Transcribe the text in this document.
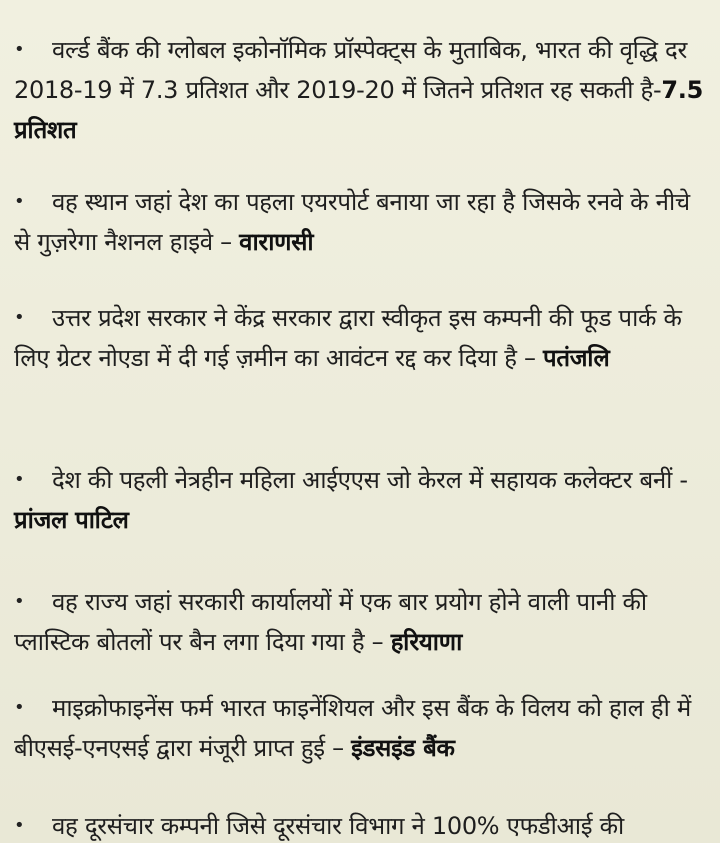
• वर्ल्ड बैंक की ग्लोबल इकोनॉमिक प्रॉस्पेक्ट्स के मुताबिक, भारत की वृद्धि दर 2018-19 में 7.3 प्रतिशत और 2019-20 में जितने प्रतिशत रह सकती है-7.5 प्रतिशत
• वह स्थान जहां देश का पहला एयरपोर्ट बनाया जा रहा है जिसके रनवे के नीचे से गुज़रेगा नैशनल हाइवे – वाराणसी
• उत्तर प्रदेश सरकार ने केंद्र सरकार द्वारा स्वीकृत इस कम्पनी की फूड पार्क के लिए ग्रेटर नोएडा में दी गई ज़मीन का आवंटन रद्द कर दिया है – पतंजलि
• देश की पहली नेत्रहीन महिला आईएएस जो केरल में सहायक कलेक्टर बनीं - प्रांजल पाटिल
• वह राज्य जहां सरकारी कार्यालयों में एक बार प्रयोग होने वाली पानी की प्लास्टिक बोतलों पर बैन लगा दिया गया है – हरियाणा
• माइक्रोफाइनेंस फर्म भारत फाइनेंशियल और इस बैंक के विलय को हाल ही में बीएसई-एनएसई द्वारा मंजूरी प्राप्त हुई – इंडसइंड बैंक
• वह दूरसंचार कम्पनी जिसे दूरसंचार विभाग ने 100% एफडीआई की
